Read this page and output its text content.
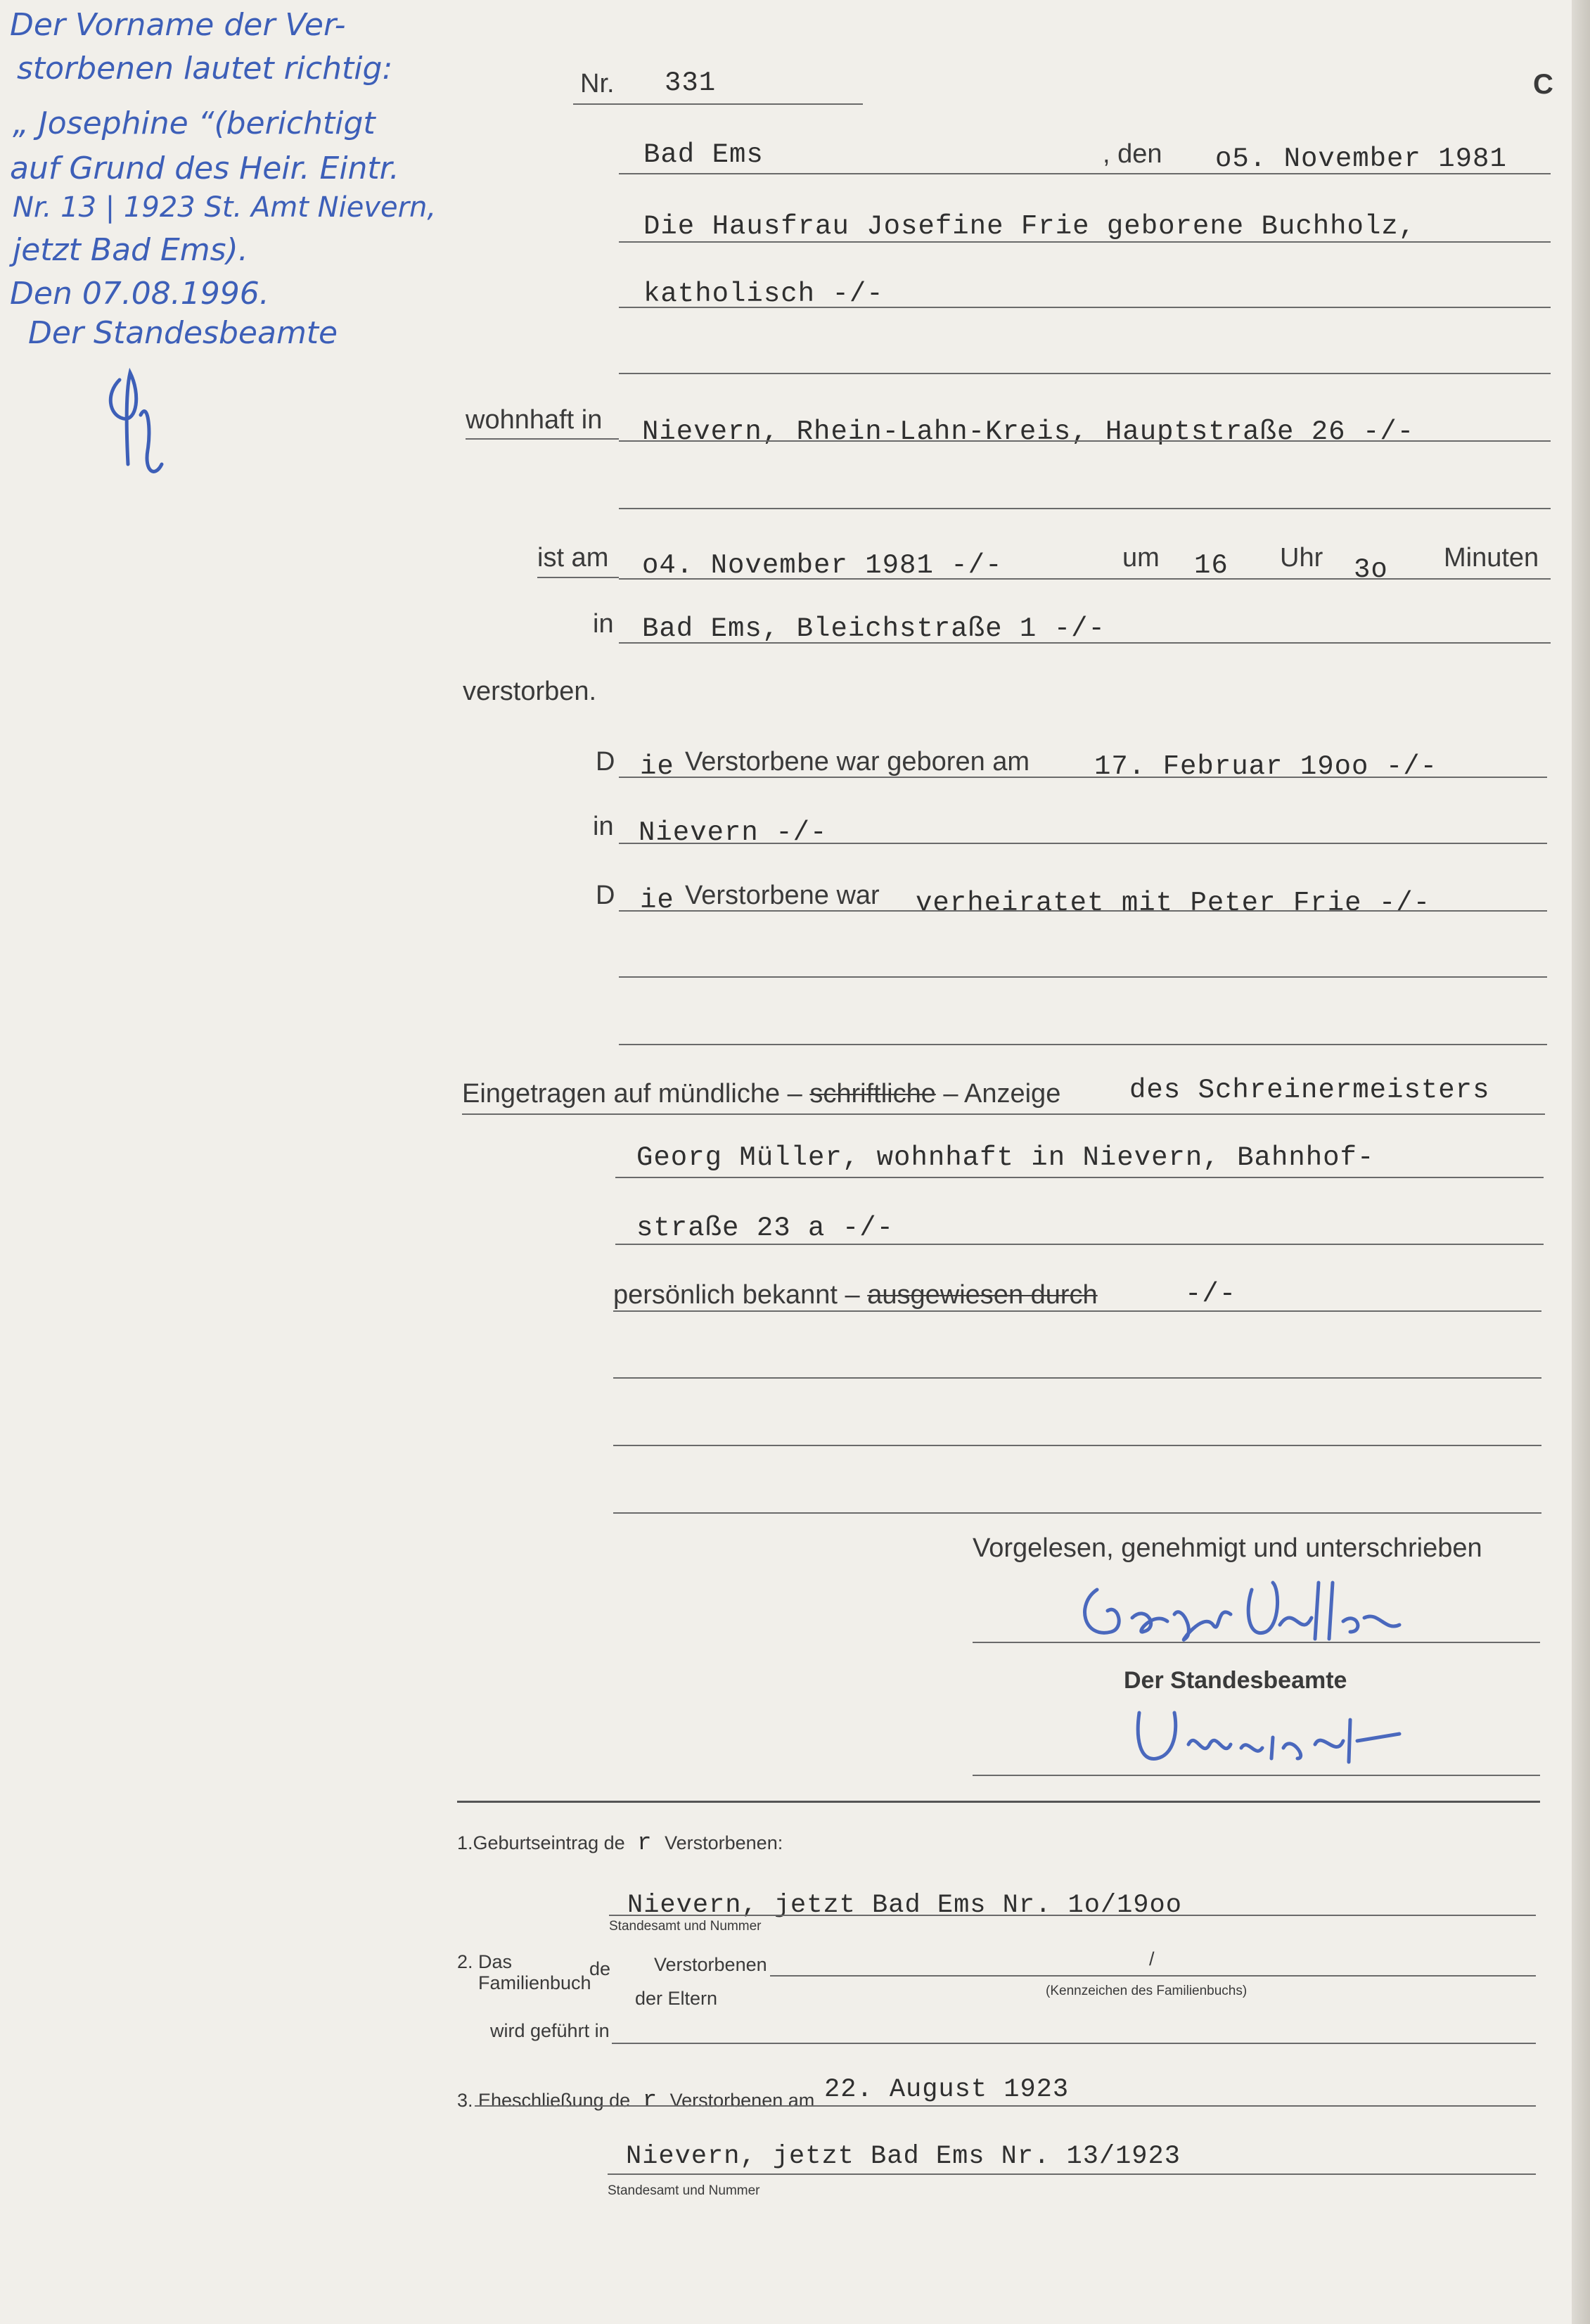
Der Vorname der Ver-
storbenen lautet richtig:
„ Josephine “(berichtigt
auf Grund des Heir. Eintr.
Nr. 13 | 1923 St. Amt Nievern,
jetzt Bad Ems).
Den 07.08.1996.
Der Standesbeamte
Nr. 331	C
Bad Ems	, den o5. November 1981
Die Hausfrau Josefine Frie geborene Buchholz,
katholisch -/-
wohnhaft in Nievern, Rhein-Lahn-Kreis, Hauptstraße 26 -/-
ist am o4. November 1981 -/-	um 16 Uhr 3o Minuten
in Bad Ems, Bleichstraße 1 -/-
verstorben.
D ie Verstorbene war geboren am 17. Februar 19oo -/-
in Nievern -/-
D ie Verstorbene war verheiratet mit Peter Frie -/-
Eingetragen auf mündliche – schriftliche – Anzeige	des Schreinermeisters
Georg Müller, wohnhaft in Nievern, Bahnhof-
straße 23 a -/-
persönlich bekannt – ausgewiesen durch	-/-
Vorgelesen, genehmigt und unterschrieben
Der Standesbeamte
1.Geburtseintrag de r Verstorbenen:
Nievern, jetzt Bad Ems Nr. 1o/19oo
Standesamt und Nummer
2. Das
Familienbuch
de Verstorbenen
der Eltern
/
(Kennzeichen des Familienbuchs)
wird geführt in
3. Eheschließung de r Verstorbenen am 22. August 1923
Nievern, jetzt Bad Ems Nr. 13/1923
Standesamt und Nummer
